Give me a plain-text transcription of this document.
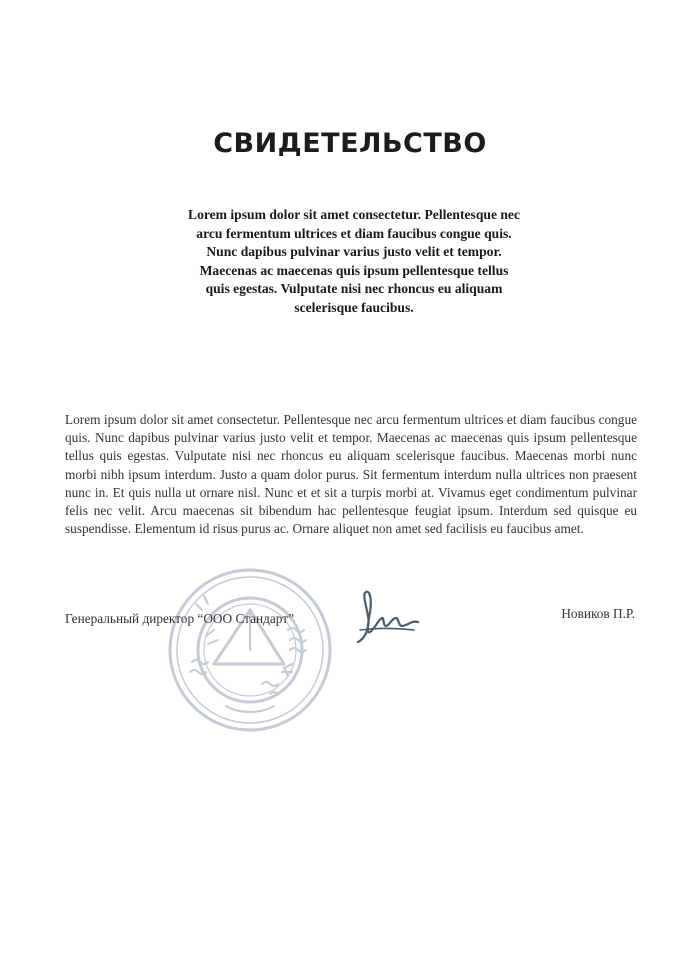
СВИДЕТЕЛЬСТВО
Lorem ipsum dolor sit amet consectetur. Pellentesque nec arcu fermentum ultrices et diam faucibus congue quis. Nunc dapibus pulvinar varius justo velit et tempor. Maecenas ac maecenas quis ipsum pellentesque tellus quis egestas. Vulputate nisi nec rhoncus eu aliquam scelerisque faucibus.
Lorem ipsum dolor sit amet consectetur. Pellentesque nec arcu fermentum ultrices et diam faucibus congue quis. Nunc dapibus pulvinar varius justo velit et tempor. Maecenas ac maecenas quis ipsum pellentesque tellus quis egestas. Vulputate nisi nec rhoncus eu aliquam scelerisque faucibus. Maecenas morbi nunc morbi nibh ipsum interdum. Justo a quam dolor purus. Sit fermentum interdum nulla ultrices non praesent nunc in. Et quis nulla ut ornare nisl. Nunc et et sit a turpis morbi at. Vivamus eget condimentum pulvinar felis nec velit. Arcu maecenas sit bibendum hac pellentesque feugiat ipsum. Interdum sed quisque eu suspendisse. Elementum id risus purus ac. Ornare aliquet non amet sed facilisis eu faucibus amet.
Генеральный директор “ООО Стандарт”	Новиков П.Р.
